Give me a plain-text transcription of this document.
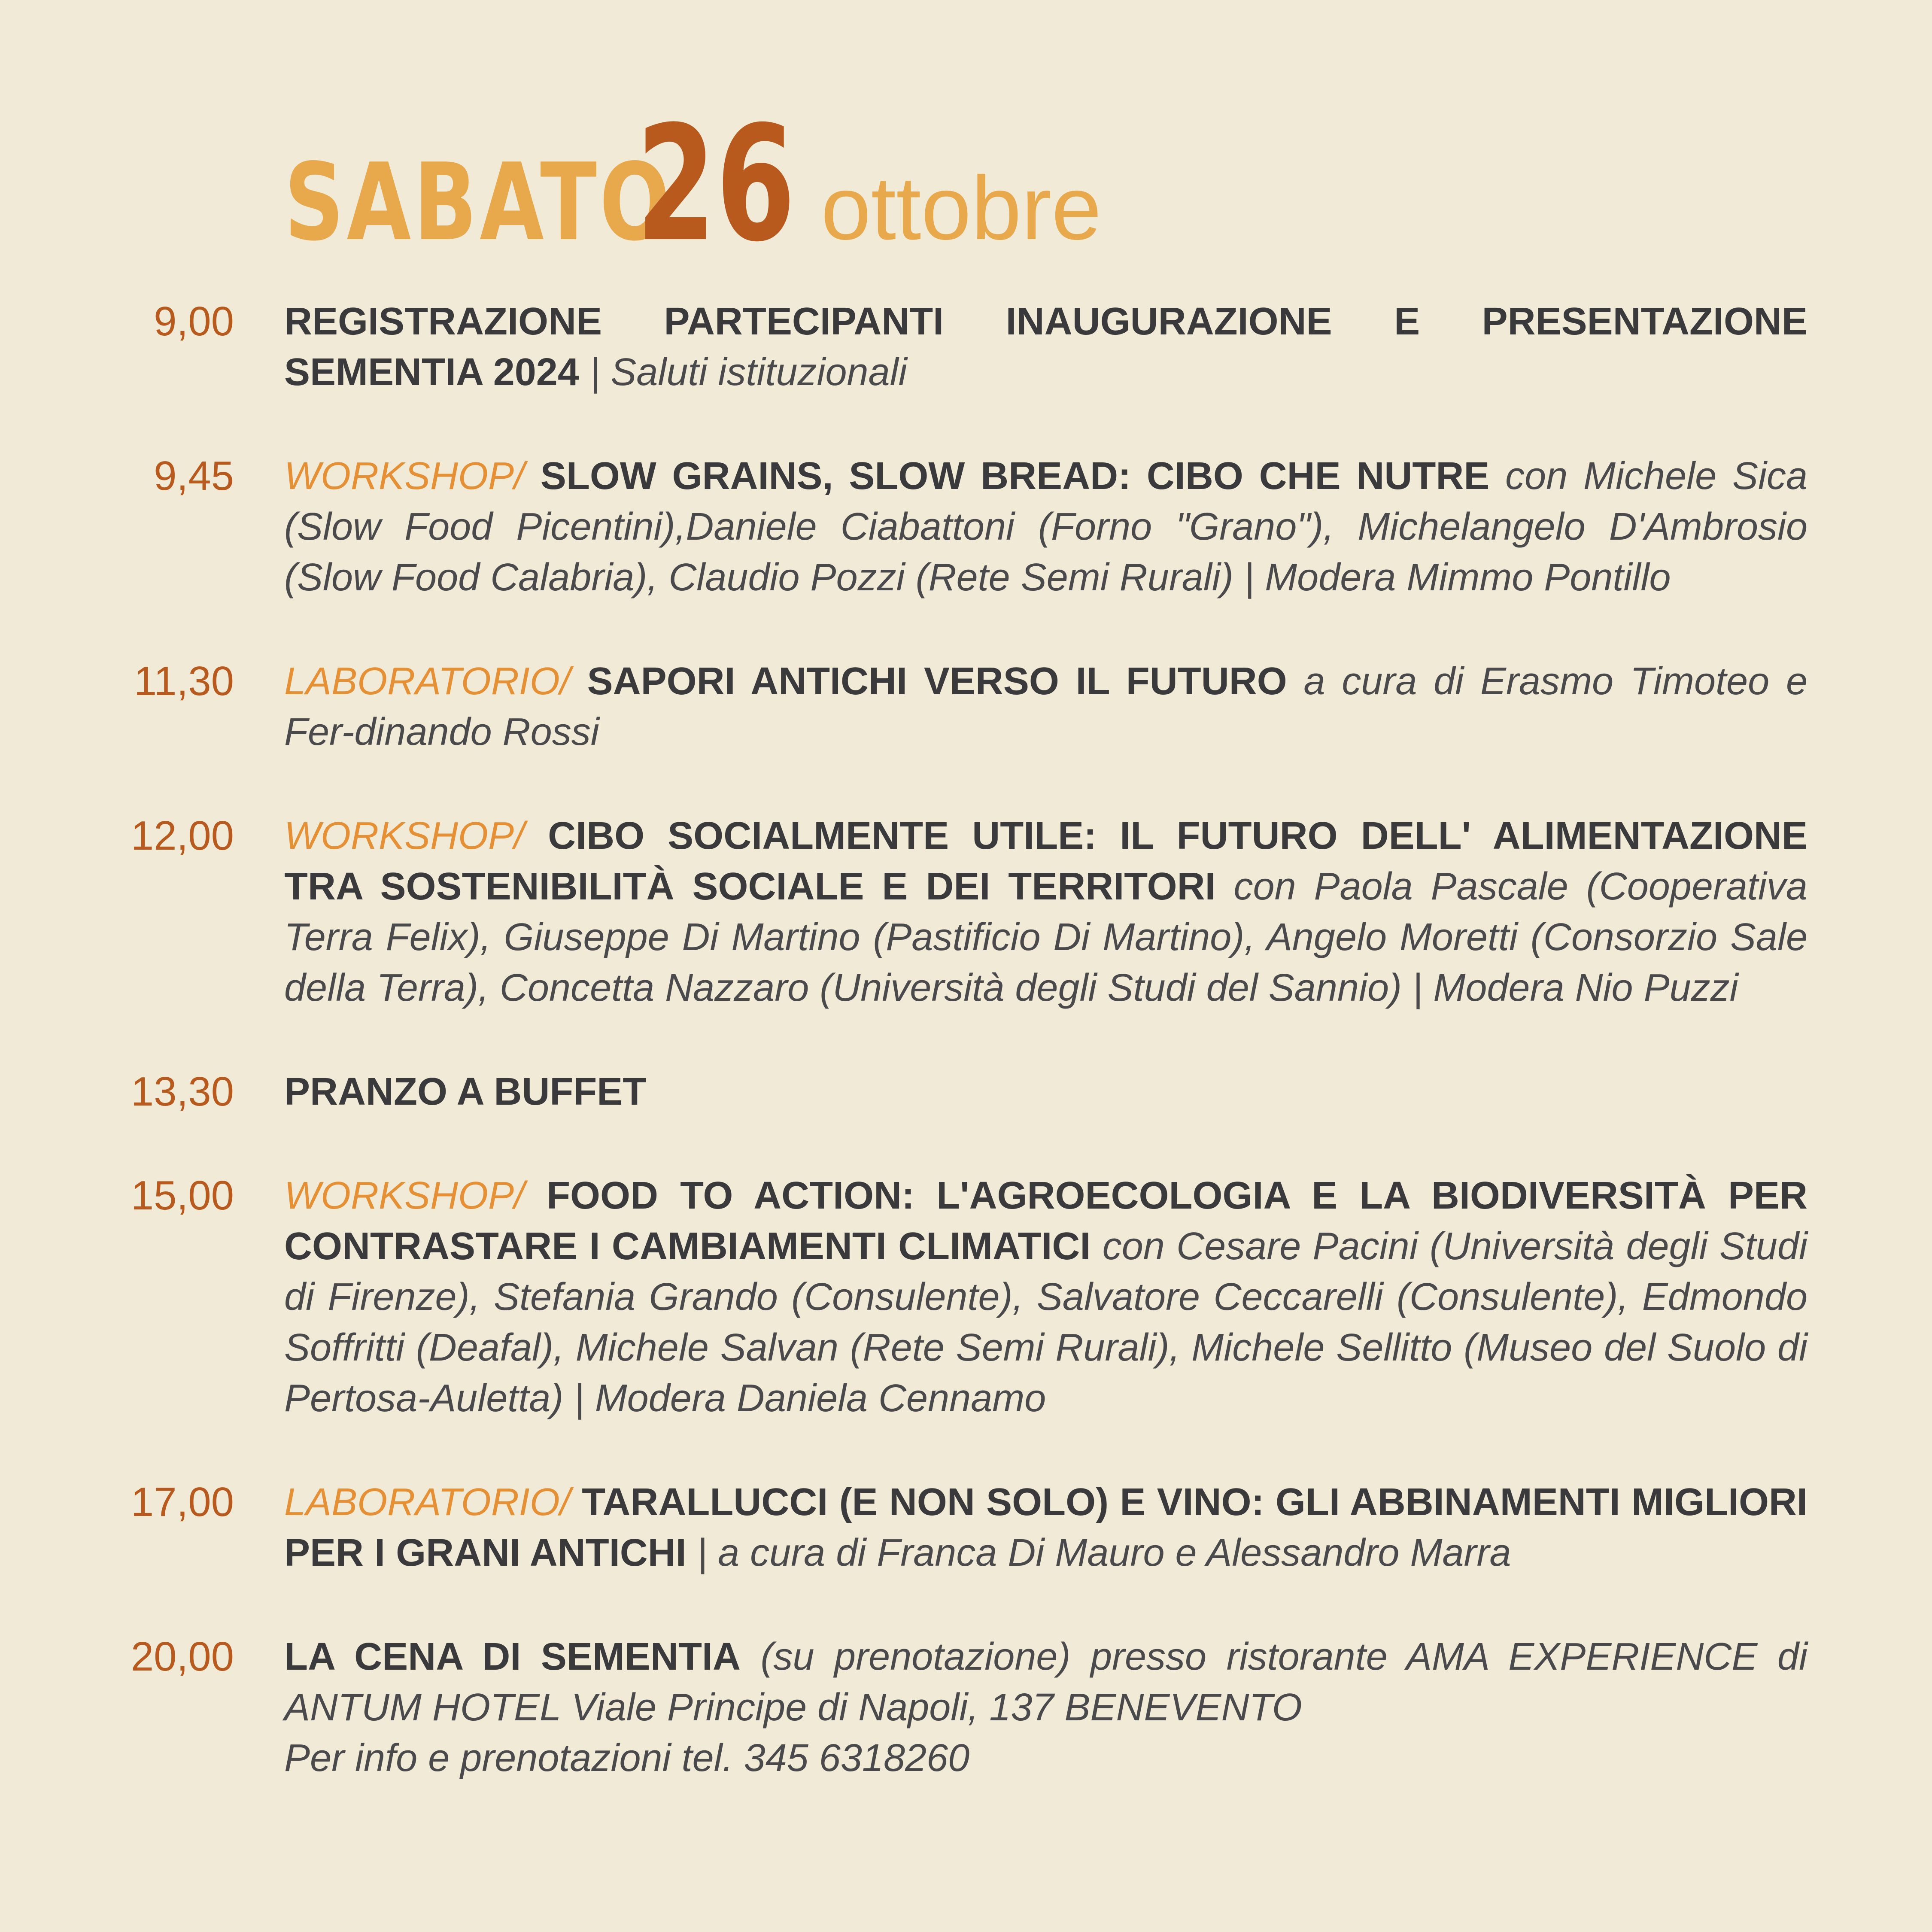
SABATO
26 ottobre
9,00 REGISTRAZIONE PARTECIPANTI INAUGURAZIONE E PRESENTAZIONE SEMENTIA 2024 | Saluti istituzionali
9,45 WORKSHOP/ SLOW GRAINS, SLOW BREAD: CIBO CHE NUTRE con Michele Sica (Slow Food Picentini),Daniele Ciabattoni (Forno "Grano"), Michelangelo D'Ambrosio (Slow Food Calabria), Claudio Pozzi (Rete Semi Rurali) | Modera Mimmo Pontillo
11,30 LABORATORIO/ SAPORI ANTICHI VERSO IL FUTURO a cura di Erasmo Timoteo e Fer-dinando Rossi
12,00 WORKSHOP/ CIBO SOCIALMENTE UTILE: IL FUTURO DELL' ALIMENTAZIONE TRA SOSTENIBILITÀ SOCIALE E DEI TERRITORI con Paola Pascale (Cooperativa Terra Felix), Giuseppe Di Martino (Pastificio Di Martino), Angelo Moretti (Consorzio Sale della Terra), Concetta Nazzaro (Università degli Studi del Sannio) | Modera Nio Puzzi
13,30 PRANZO A BUFFET
15,00 WORKSHOP/ FOOD TO ACTION: L'AGROECOLOGIA E LA BIODIVERSITÀ PER CONTRASTARE I CAMBIAMENTI CLIMATICI con Cesare Pacini (Università degli Studi di Firenze), Stefania Grando (Consulente), Salvatore Ceccarelli (Consulente), Edmondo Soffritti (Deafal), Michele Salvan (Rete Semi Rurali), Michele Sellitto (Museo del Suolo di Pertosa-Auletta) | Modera Daniela Cennamo
17,00 LABORATORIO/ TARALLUCCI (E NON SOLO) E VINO: GLI ABBINAMENTI MIGLIORI PER I GRANI ANTICHI | a cura di Franca Di Mauro e Alessandro Marra
20,00 LA CENA DI SEMENTIA (su prenotazione) presso ristorante AMA EXPERIENCE di ANTUM HOTEL Viale Principe di Napoli, 137 BENEVENTO
Per info e prenotazioni tel. 345 6318260
